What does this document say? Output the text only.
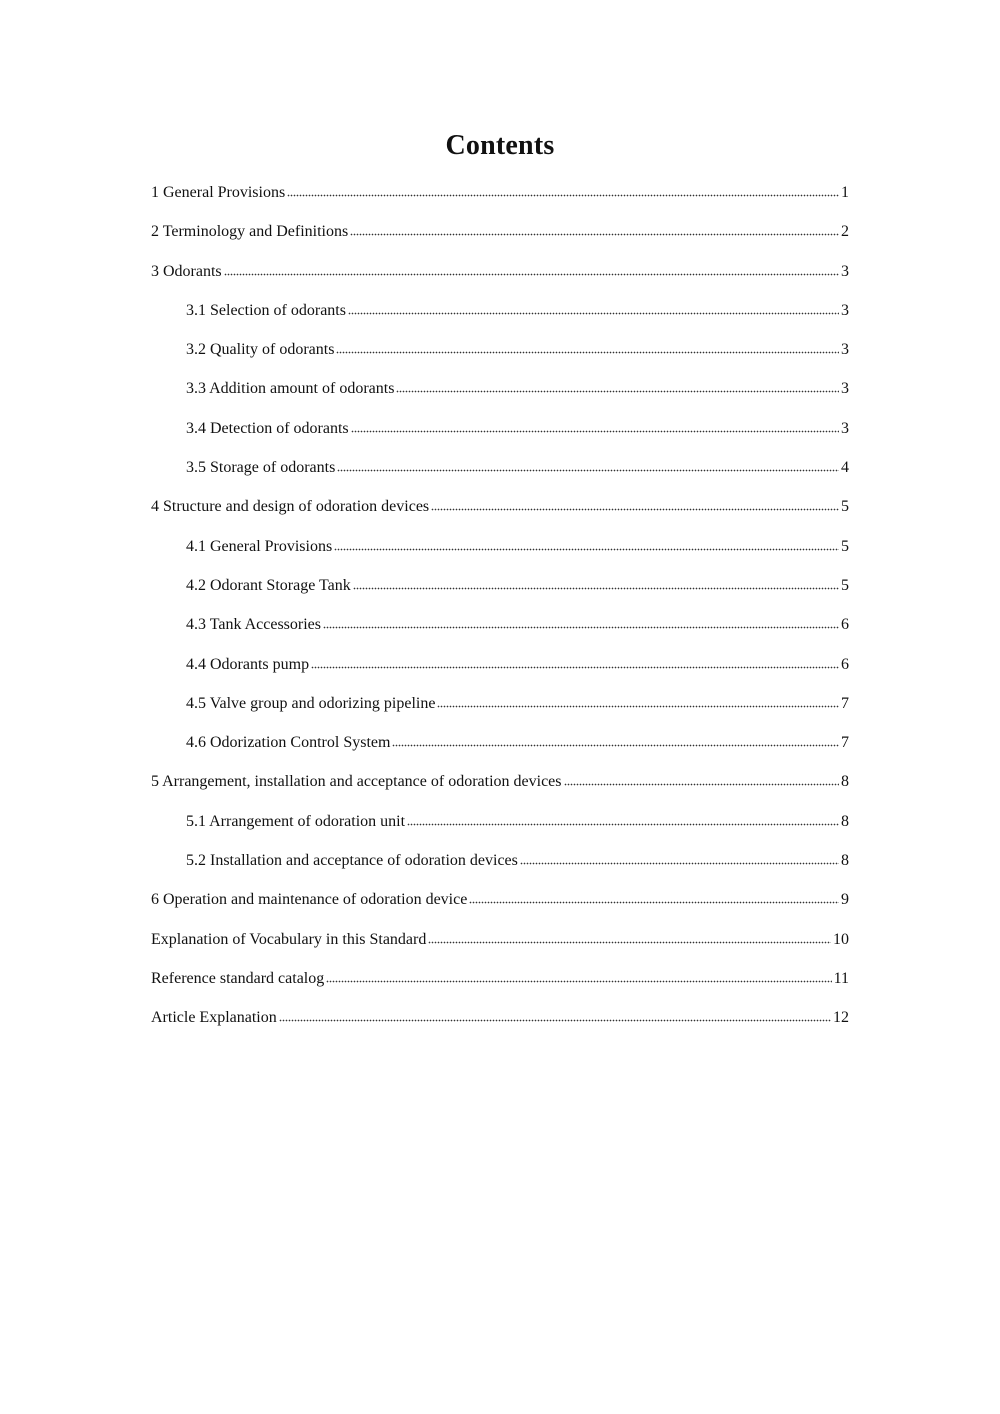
Contents
1 General Provisions	1
2 Terminology and Definitions	2
3 Odorants	3
3.1 Selection of odorants	3
3.2 Quality of odorants	3
3.3 Addition amount of odorants	3
3.4 Detection of odorants	3
3.5 Storage of odorants	4
4 Structure and design of odoration devices	5
4.1 General Provisions	5
4.2 Odorant Storage Tank	5
4.3 Tank Accessories	6
4.4 Odorants pump	6
4.5 Valve group and odorizing pipeline	7
4.6 Odorization Control System	7
5 Arrangement, installation and acceptance of odoration devices	8
5.1 Arrangement of odoration unit	8
5.2 Installation and acceptance of odoration devices	8
6 Operation and maintenance of odoration device	9
Explanation of Vocabulary in this Standard	10
Reference standard catalog	11
Article Explanation	12
